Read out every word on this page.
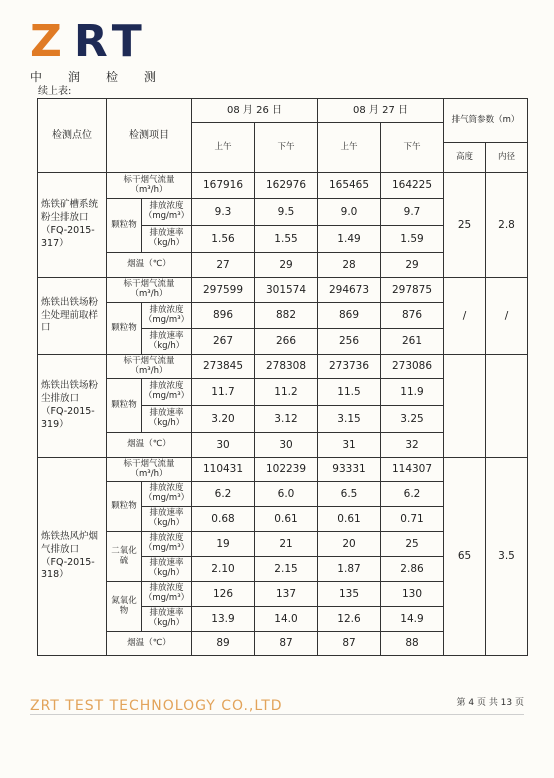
Z RT
中 润 检 测
续上表:
检测点位	检测项目		08 月 26 日		08 月 27 日		排气筒参数（m）	
			上午	下午	上午	下午		
							高度	内径
炼铁矿槽系统粉尘排放口（FQ-2015-317）	标干烟气流量（m³/h）		167916	162976	165465	164225	25	2.8
	颗粒物	排放浓度（mg/m³）	9.3	9.5	9.0	9.7		
		排放速率（kg/h）	1.56	1.55	1.49	1.59		
	烟温（℃）		27	29	28	29		
炼铁出铁场粉尘处理前取样口	标干烟气流量（m³/h）		297599	301574	294673	297875	/	/
	颗粒物	排放浓度（mg/m³）	896	882	869	876		
		排放速率（kg/h）	267	266	256	261		
炼铁出铁场粉尘排放口（FQ-2015-319）	标干烟气流量（m³/h）		273845	278308	273736	273086		
	颗粒物	排放浓度（mg/m³）	11.7	11.2	11.5	11.9		
		排放速率（kg/h）	3.20	3.12	3.15	3.25		
	烟温（℃）		30	30	31	32		
炼铁热风炉烟气排放口（FQ-2015-318）	标干烟气流量（m³/h）		110431	102239	93331	114307	65	3.5
	颗粒物	排放浓度（mg/m³）	6.2	6.0	6.5	6.2		
		排放速率（kg/h）	0.68	0.61	0.61	0.71		
	二氧化硫	排放浓度（mg/m³）	19	21	20	25		
		排放速率（kg/h）	2.10	2.15	1.87	2.86		
	氮氧化物	排放浓度（mg/m³）	126	137	135	130		
		排放速率（kg/h）	13.9	14.0	12.6	14.9		
	烟温（℃）		89	87	87	88		
ZRT TEST TECHNOLOGY CO.,LTD	第 4 页 共 13 页
